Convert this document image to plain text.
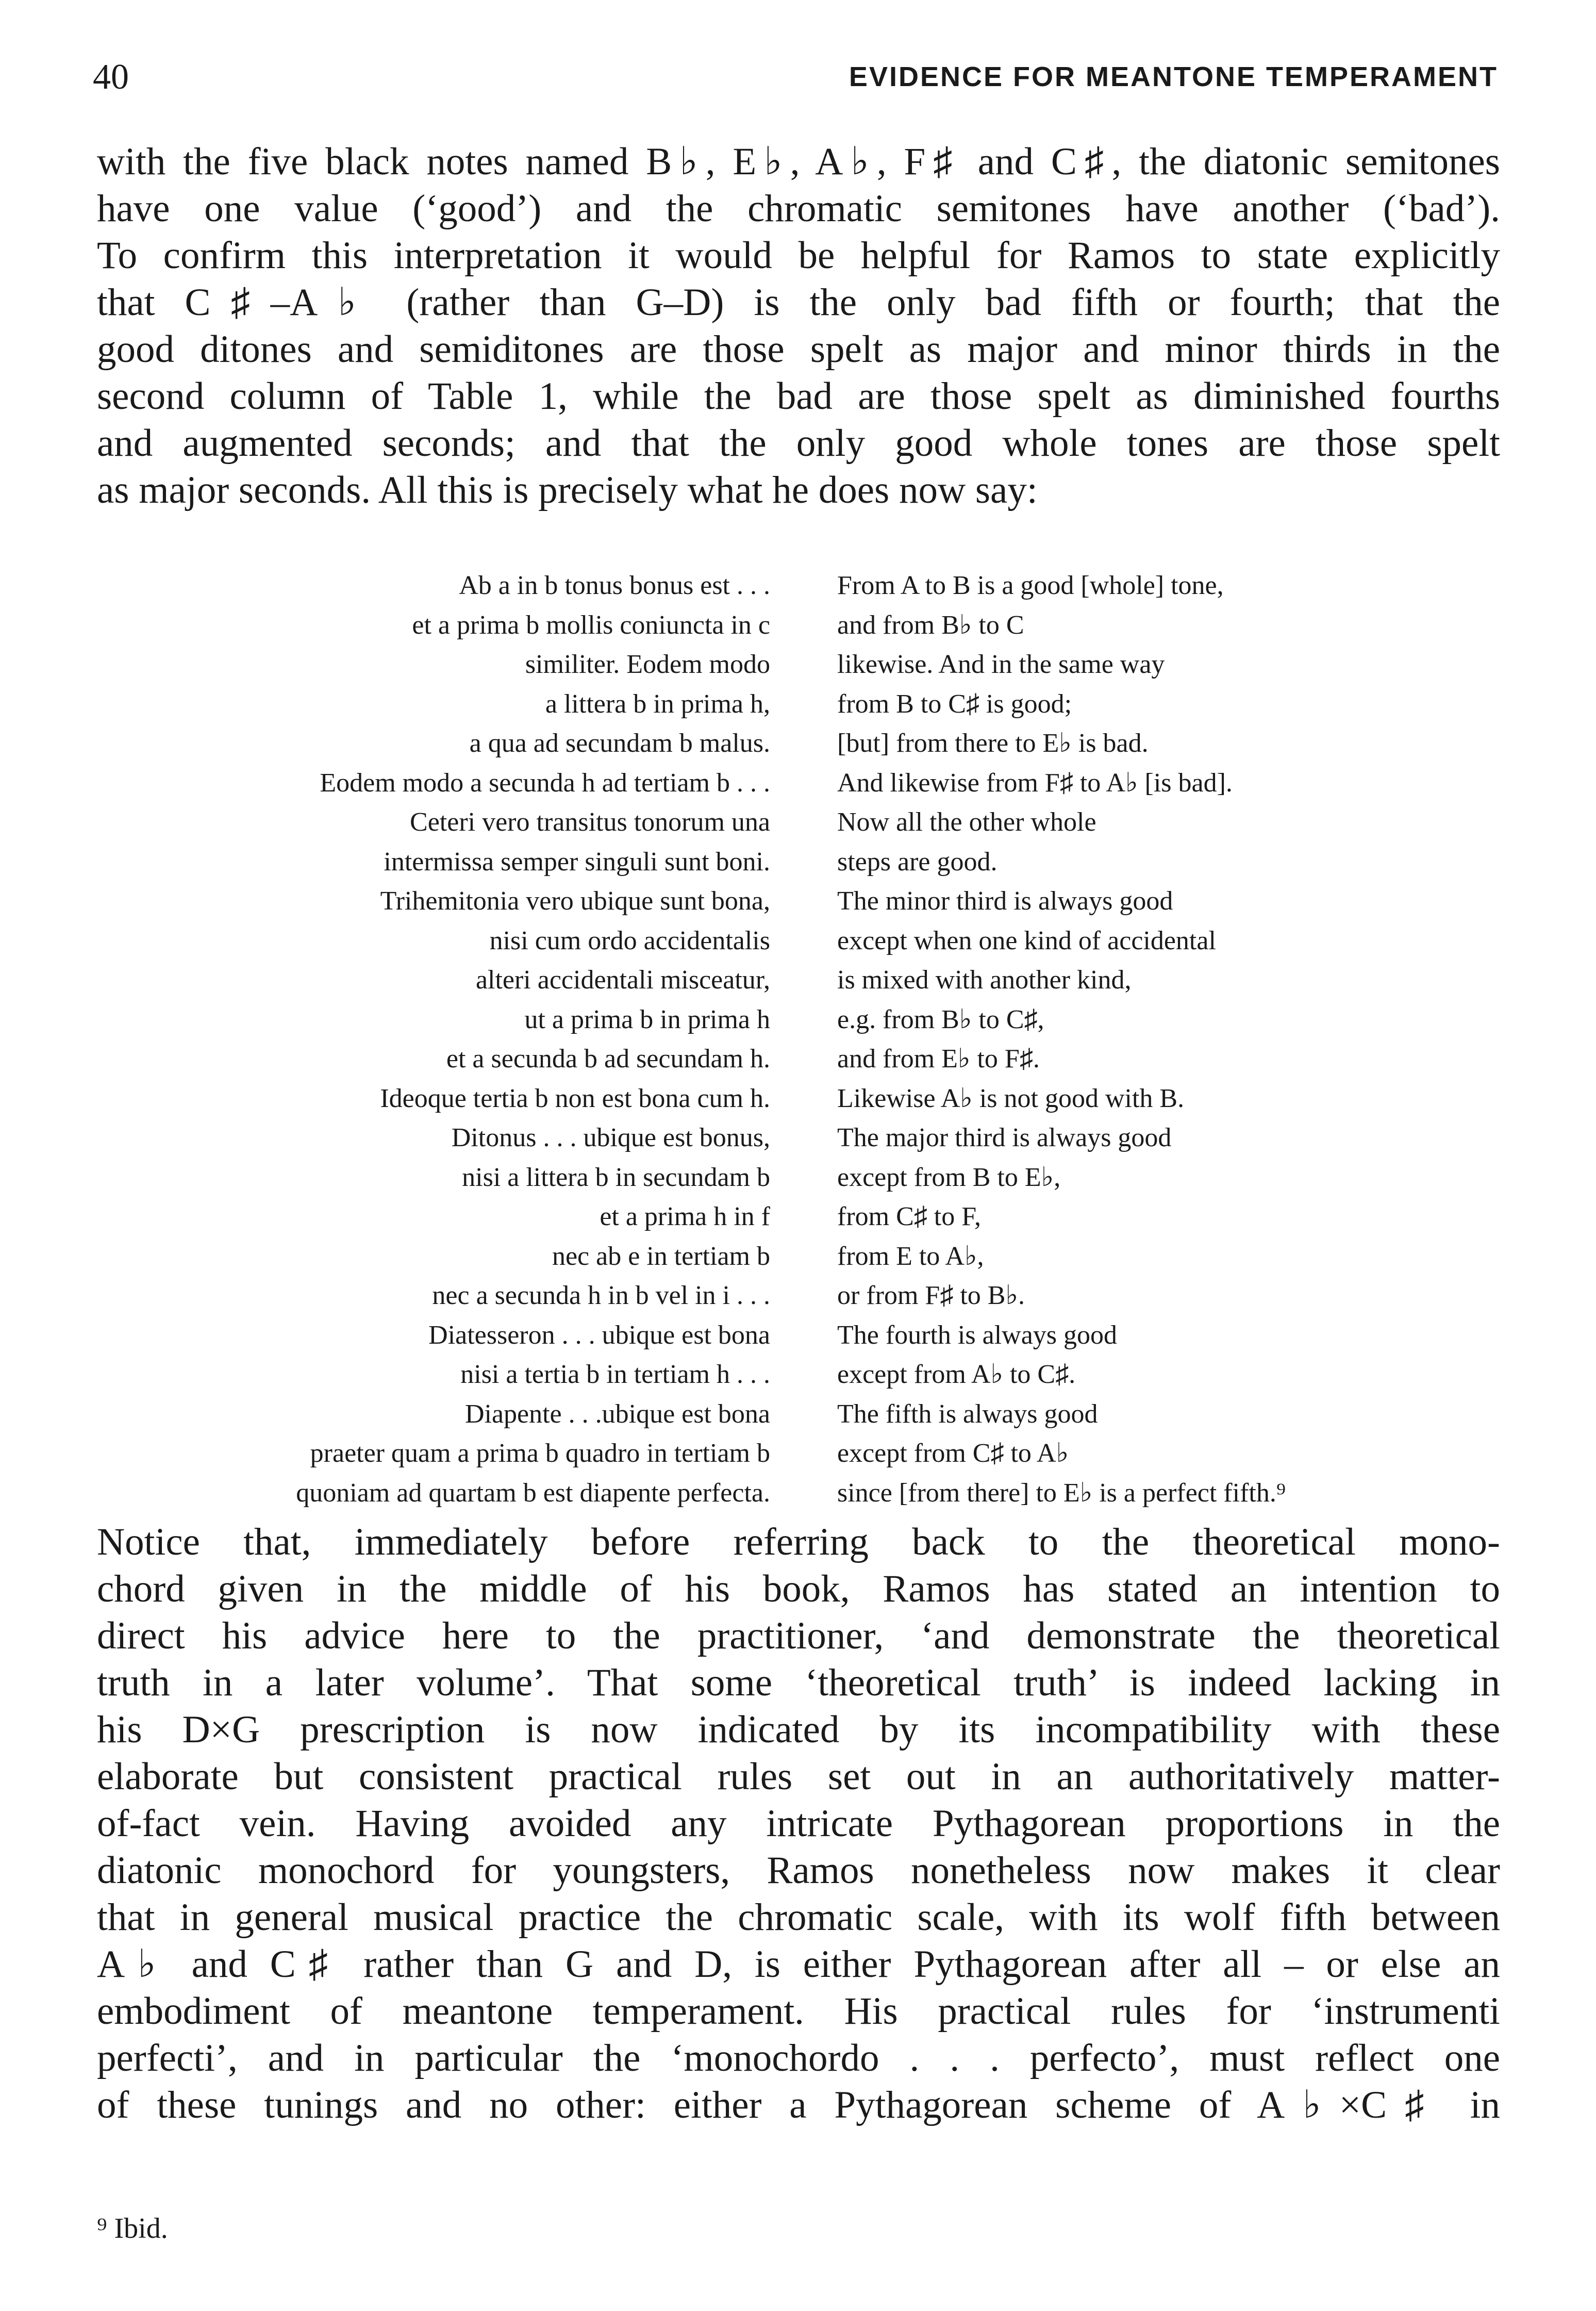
40	EVIDENCE FOR MEANTONE TEMPERAMENT

with the five black notes named B♭, E♭, A♭, F♯ and C♯, the diatonic semitones
have one value (‘good’) and the chromatic semitones have another (‘bad’).
To confirm this interpretation it would be helpful for Ramos to state explicitly
that C♯–A♭ (rather than G–D) is the only bad fifth or fourth; that the
good ditones and semiditones are those spelt as major and minor thirds in the
second column of Table 1, while the bad are those spelt as diminished fourths
and augmented seconds; and that the only good whole tones are those spelt
as major seconds. All this is precisely what he does now say:

Ab a in b tonus bonus est . . .
et a prima b mollis coniuncta in c
similiter. Eodem modo
a littera b in prima h,
a qua ad secundam b malus.
Eodem modo a secunda h ad tertiam b . . .
Ceteri vero transitus tonorum una
intermissa semper singuli sunt boni.
Trihemitonia vero ubique sunt bona,
nisi cum ordo accidentalis
alteri accidentali misceatur,
ut a prima b in prima h
et a secunda b ad secundam h.
Ideoque tertia b non est bona cum h.
Ditonus . . . ubique est bonus,
nisi a littera b in secundam b
et a prima h in f
nec ab e in tertiam b
nec a secunda h in b vel in i . . .
Diatesseron . . . ubique est bona
nisi a tertia b in tertiam h . . .
Diapente . . .ubique est bona
praeter quam a prima b quadro in tertiam b
quoniam ad quartam b est diapente perfecta.
From A to B is a good [whole] tone,
and from B♭ to C
likewise. And in the same way
from B to C♯ is good;
[but] from there to E♭ is bad.
And likewise from F♯ to A♭ [is bad].
Now all the other whole
steps are good.
The minor third is always good
except when one kind of accidental
is mixed with another kind,
e.g. from B♭ to C♯,
and from E♭ to F♯.
Likewise A♭ is not good with B.
The major third is always good
except from B to E♭,
from C♯ to F,
from E to A♭,
or from F♯ to B♭.
The fourth is always good
except from A♭ to C♯.
The fifth is always good
except from C♯ to A♭
since [from there] to E♭ is a perfect fifth.⁹

Notice that, immediately before referring back to the theoretical mono-
chord given in the middle of his book, Ramos has stated an intention to
direct his advice here to the practitioner, ‘and demonstrate the theoretical
truth in a later volume’. That some ‘theoretical truth’ is indeed lacking in
his D×G prescription is now indicated by its incompatibility with these
elaborate but consistent practical rules set out in an authoritatively matter-
of-fact vein. Having avoided any intricate Pythagorean proportions in the
diatonic monochord for youngsters, Ramos nonetheless now makes it clear
that in general musical practice the chromatic scale, with its wolf fifth between
A♭ and C♯ rather than G and D, is either Pythagorean after all – or else an
embodiment of meantone temperament. His practical rules for ‘instrumenti
perfecti’, and in particular the ‘monochordo . . . perfecto’, must reflect one
of these tunings and no other: either a Pythagorean scheme of A♭×C♯ in

⁹ Ibid.
